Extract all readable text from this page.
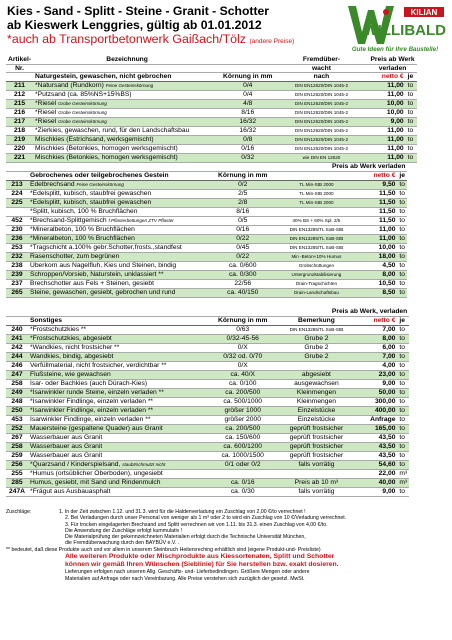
Kies - Sand - Splitt - Steine - Granit - Schotter
ab Kieswerk Lenggries, gültig ab 01.01.2012
*auch ab Transportbetonwerk Gaißach/Tölz (andere Preise)
KILIAN
WILLIBALD
Gute Ideen für Ihre Baustelle!
Artikel-	Bezeichnung		Fremdüber-	Preis ab Werk	
Nr.			wacht	verladen	
	Naturgestein, gewaschen, nicht gebrochen	Körnung in mm	nach	netto €	je
211	*Natursand (Rundkorn) Feine Gesteinskörnung	0/4	DIN EN12620/DIN 1045-2	11,00	to
212	*Putzsand (ca. 85%NS+15%BS)	0/4	DIN EN12620/DIN 1045-2	11,00	to
215	*Riesel Grobe Gesteinskörnung	4/8	DIN EN12620/DIN 1045-2	10,00	to
216	*Riesel Grobe Gesteinskörnung	8/16	DIN EN12620/DIN 1045-2	10,00	to
217	*Riesel Grobe Gesteinskörnung	16/32	DIN EN12620/DIN 1045-2	9,00	to
218	*Zierkies, gewaschen, rund, für den Landschaftsbau	16/32	DIN EN12620/DIN 1045-2	11,00	to
219	Mischkies (Estrichsand, werksgemischt)	0/8	DIN EN12620/DIN 1045-2	11,00	to
220	Mischkies (Betonkies, homogen werksgemischt)	0/16	DIN EN12620/DIN 1045-2	11,00	to
221	Mischkies (Betonkies, homogen werksgemischt)	0/32	wie DIN EN 12620	11,00	to
			Preis ab Werk verladen		
	Gebrochenes oder teilgebrochenes Gestein	Körnung in mm		netto €	je
213	Edelbrechsand Feine Gesteinskörnung	0/2	TL Min-StB 2000	9,50	to
224	*Edelsplitt, kubisch, staubfrei gewaschen	2/5	TL Min-StB 2000	11,50	to
225	*Edelsplitt, kubisch, staubfrei gewaschen	2/8	TL Min-StB 2000	11,50	to
	*Splitt, kubisch, 100 % Bruchflächen	8/16		11,50	to
452	*Brechsand-Splittgemisch f.Pflasterbettungen ZTV Pflaster	0/5	40% BS + 60% Spl. 2/5	11,50	to
230	*Mineralbeton, 100 % Bruchflächen	0/16	DIN EN13285/TL SoB-StB	11,00	to
236	*Mineralbeton, 100 % Bruchflächen	0/22	DIN EN13285/TL SoB-StB	11,00	to
253	*Tragschicht a.100% gebr.Schotter,frosts.,standfest	0/45	DIN EN13285/TL SoB-StB	10,00	to
232	Rasenschotter, zum begrünen	0/22	Min -Beton+10% Humus	18,00	to
238	Überkorn aus Nagelfluh, Kies und Steinen, bindig	ca. 0/600	Grobschüttungen	4,50	to
239	Schroppen/Vorsieb, Naturstein, unklassiert **	ca. 0/300	Untergrundstabilisierung	8,00	to
237	Brechschotter aus Fels + Steinen, gesiebt	22/56	Drain-Tragschichten	10,50	to
265	Steine, gewaschen, gesiebt, gebrochen und rund	ca. 40/150	Drain-Landschaftsbau	8,50	to
			Preis ab Werk, verladen		
	Sonstiges	Körnung in mm	Bemerkung	netto €	je
240	*Frostschutzkies **	0/63	DIN EN13285/TL SoB-StB	7,00	to
241	*Frostschutzkies, abgesiebt	0/32-45-56	Grube 2	8,00	to
242	*Wandkies, nicht frostsicher **	0/X	Grube 2	6,00	to
244	Wandkies, bindig, abgesiebt	0/32 od. 0/70	Grube 2	7,00	to
246	Verfüllmaterial, nicht frostsicher, verdichtbar **	0/X		4,00	to
247	Flußsteine, wie gewachsen	ca. 40/X	abgesiebt	23,00	to
258	Isar- oder Bachkies (auch Dürach-Kies)	ca. 0/100	ausgewachsen	9,00	to
249	*Isarwinkler runde Steine, einzeln verladen **	ca. 200/500	Kleinmengen	50,00	to
248	*Isarwinkler Findlinge, einzeln verladen **	ca. 500/1000	Kleinmengen	300,00	to
250	*Isarwinkler Findlinge, einzeln verladen **	größer 1000	Einzelstücke	400,00	to
453	Isarwinkler Findlinge, einzeln verladen **	größer 2000	Einzelstücke	Anfrage	to
252	Mauersteine (gespaltene Quader) aus Granit	ca. 200/500	geprüft frostsicher	165,00	to
267	Wasserbauer aus Granit	ca. 150/600	geprüft frostsicher	43,50	to
258	Wasserbauer aus Granit	ca. 600/1200	geprüft frostsicher	43,50	to
259	Wasserbauer aus Granit	ca. 1000/1500	geprüft frostsicher	43,50	to
256	*Quarzsand / Kinderspielsand, staubt/schmutzt nicht	0/1 oder 0/2	falls vorrätig	54,60	to
255	*Humus (ortsüblicher Oberboden), ungesiebt			22,00	m³
285	Humus, gesiebt, mit Sand und Rindenmulch	ca. 0/16	Preis ab 10 m³	40,00	m³
247A	*Frägut aus Ausbauasphalt	ca. 0/30	falls vorrätig	9,00	to
Zuschläge:	1. In der Zeit zwischen 1.12. und 31.3. wird für die Haldenverladung ein Zuschlag von 2,00 €/to verrechnet !
2. Bei Verladungen durch unser Personal von weniger als 1 m³ oder 2 to wird ein Zuschlag von 10 €/Verladung verrechnet.
3. Für trocken eingelagerten Brechsand und Splitt verrechnen wir von 1.11. bis 31.3. einen Zuschlag von 4,00 €/to.
Die Anwendung der Zuschläge erfolgt kummulativ !
Die Materialprüfung der gekennzeichneten Materialien erfolgt durch die Technische Universität München,
die Fremdüberwachung durch den BAYBÜV e.V. .
** bedeutet, daß diese Produkte auch und vor allem in unserem Steinbruch Heitersreching erhältlich sind (eigene Produkt-und- Preisliste)
Alle weiteren Produkte oder Mischprodukte aus Kiessortenaten, Splitt und Schotter
können wir gemäß Ihren Wünschen (Sieblinie) für Sie herstellen bzw. exakt dosieren.
Lieferungen erfolgen nach unseren Allg. Geschäfts- und- Lieferbedindingen. Größere Mengen oder andere
Materialien auf Anfrage oder nach Vereinbarung. Alle Preise verstehen sich zuzüglich der gesetzl. MwSt.
